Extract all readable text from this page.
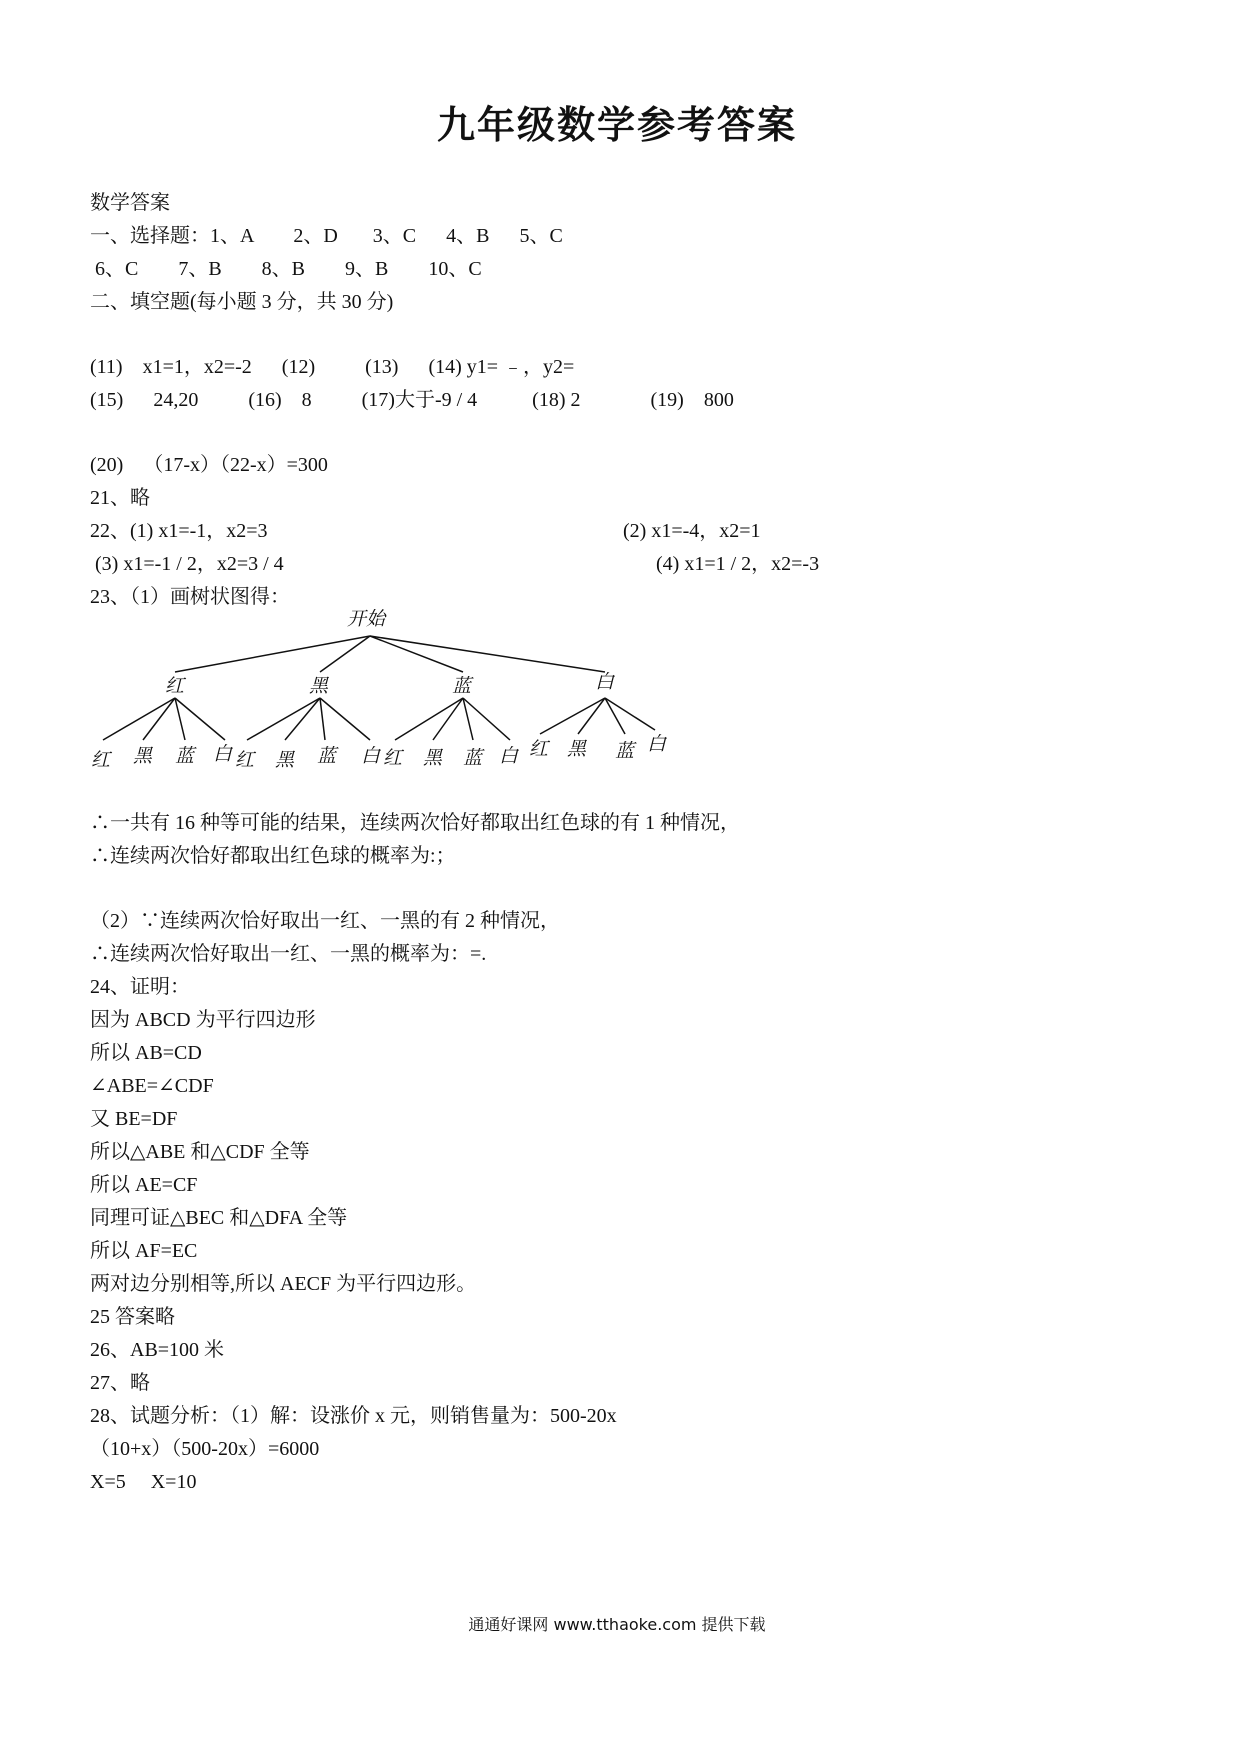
九年级数学参考答案
数学答案
一、选择题：1、A        2、D       3、C      4、B      5、C
6、C        7、B        8、B        9、B        10、C
二、填空题(每小题 3 分，共 30 分)
(11)    x1=1，x2=-2      (12)          (13)      (14) y1= ﹣，y2=
(15)      24,20          (16)    8          (17)大于-9 / 4           (18) 2              (19)    800
(20)    （17-x）（22-x）=300
21、略
22、(1) x1=-1，x2=3	(2) x1=-4，x2=1
(3) x1=-1 / 2，x2=3 / 4	(4) x1=1 / 2，x2=-3
23、（1）画树状图得：
开始
红	黑	蓝	白
红 黑 蓝 白 红 黑 蓝 白 红 黑 蓝 白 红 黑 蓝 白
∴一共有 16 种等可能的结果，连续两次恰好都取出红色球的有 1 种情况，
∴连续两次恰好都取出红色球的概率为:；
（2）∵连续两次恰好取出一红、一黑的有 2 种情况，
∴连续两次恰好取出一红、一黑的概率为：=.
24、证明：
因为 ABCD 为平行四边形
所以 AB=CD
∠ABE=∠CDF
又 BE=DF
所以△ABE 和△CDF 全等
所以 AE=CF
同理可证△BEC 和△DFA 全等
所以 AF=EC
两对边分别相等,所以 AECF 为平行四边形。
25 答案略
26、AB=100 米
27、略
28、试题分析：（1）解：设涨价 x 元，则销售量为：500-20x
（10+x）（500-20x）=6000
X=5     X=10
通通好课网 www.tthaoke.com 提供下载
